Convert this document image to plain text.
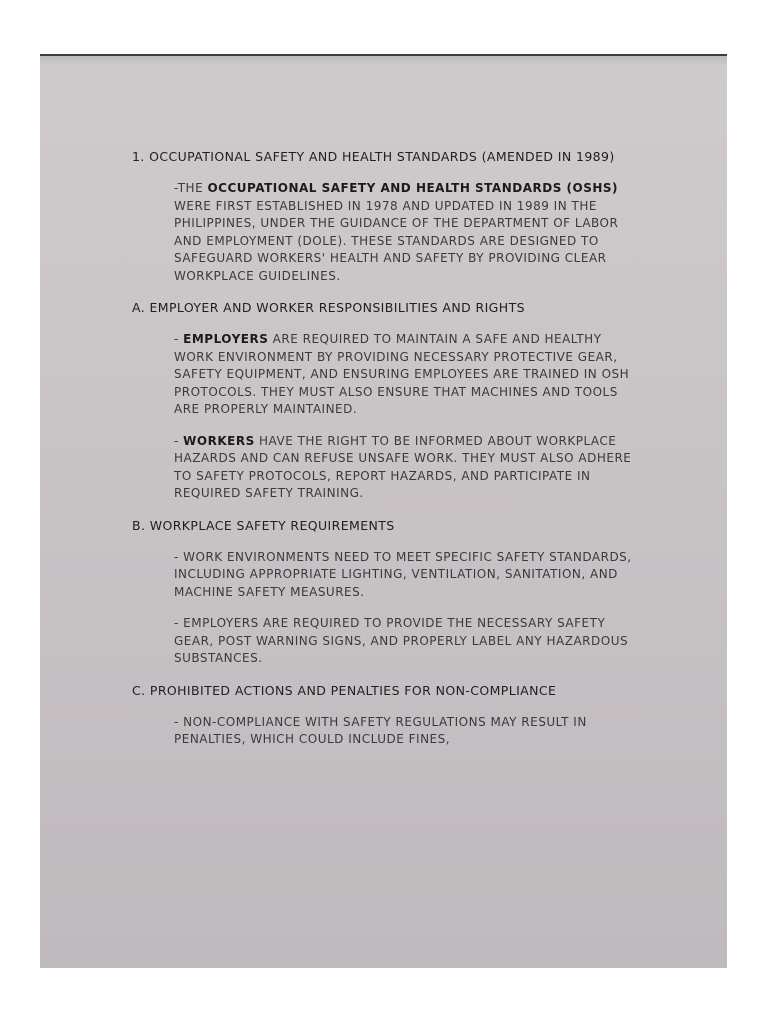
1. OCCUPATIONAL SAFETY AND HEALTH STANDARDS (AMENDED IN 1989)
-THE OCCUPATIONAL SAFETY AND HEALTH STANDARDS (OSHS) WERE FIRST ESTABLISHED IN 1978 AND UPDATED IN 1989 IN THE PHILIPPINES, UNDER THE GUIDANCE OF THE DEPARTMENT OF LABOR AND EMPLOYMENT (DOLE). THESE STANDARDS ARE DESIGNED TO SAFEGUARD WORKERS' HEALTH AND SAFETY BY PROVIDING CLEAR WORKPLACE GUIDELINES.
A. EMPLOYER AND WORKER RESPONSIBILITIES AND RIGHTS
- EMPLOYERS ARE REQUIRED TO MAINTAIN A SAFE AND HEALTHY WORK ENVIRONMENT BY PROVIDING NECESSARY PROTECTIVE GEAR, SAFETY EQUIPMENT, AND ENSURING EMPLOYEES ARE TRAINED IN OSH PROTOCOLS. THEY MUST ALSO ENSURE THAT MACHINES AND TOOLS ARE PROPERLY MAINTAINED.
- WORKERS HAVE THE RIGHT TO BE INFORMED ABOUT WORKPLACE HAZARDS AND CAN REFUSE UNSAFE WORK. THEY MUST ALSO ADHERE TO SAFETY PROTOCOLS, REPORT HAZARDS, AND PARTICIPATE IN REQUIRED SAFETY TRAINING.
B. WORKPLACE SAFETY REQUIREMENTS
- WORK ENVIRONMENTS NEED TO MEET SPECIFIC SAFETY STANDARDS, INCLUDING APPROPRIATE LIGHTING, VENTILATION, SANITATION, AND MACHINE SAFETY MEASURES.
- EMPLOYERS ARE REQUIRED TO PROVIDE THE NECESSARY SAFETY GEAR, POST WARNING SIGNS, AND PROPERLY LABEL ANY HAZARDOUS SUBSTANCES.
C. PROHIBITED ACTIONS AND PENALTIES FOR NON-COMPLIANCE
- NON-COMPLIANCE WITH SAFETY REGULATIONS MAY RESULT IN PENALTIES, WHICH COULD INCLUDE FINES,
